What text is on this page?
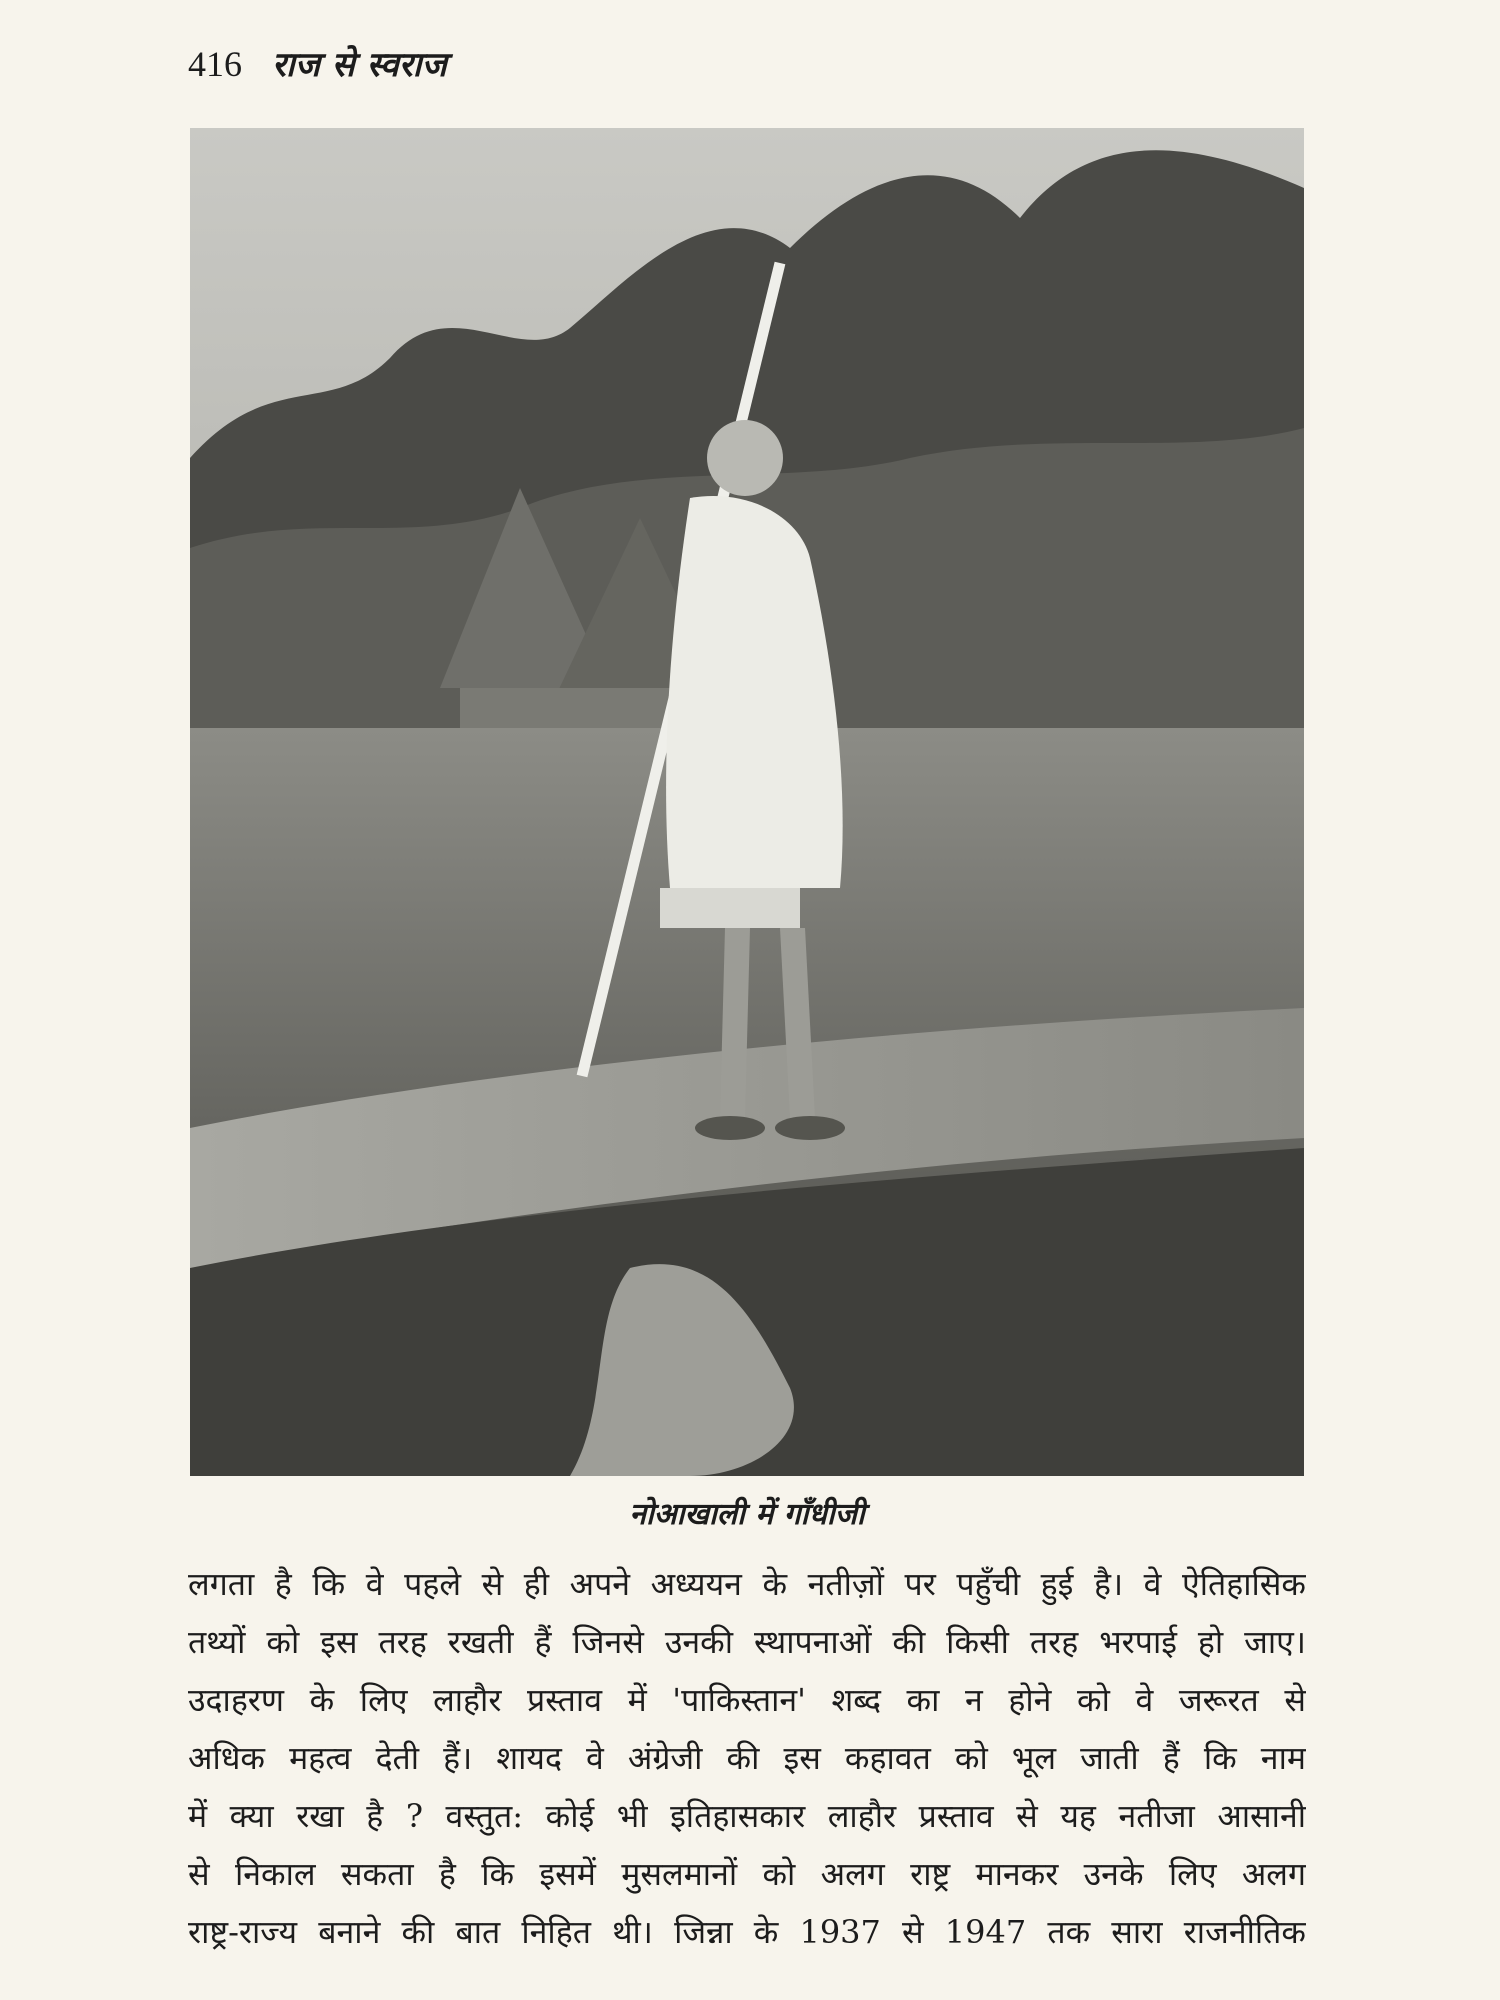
416 राज से स्वराज
नोआखाली में गाँधीजी
लगता है कि वे पहले से ही अपने अध्ययन के नतीज़ों पर पहुँची हुई है। वे ऐतिहासिक
तथ्यों को इस तरह रखती हैं जिनसे उनकी स्थापनाओं की किसी तरह भरपाई हो जाए।
उदाहरण के लिए लाहौर प्रस्ताव में 'पाकिस्तान' शब्द का न होने को वे जरूरत से
अधिक महत्व देती हैं। शायद वे अंग्रेजी की इस कहावत को भूल जाती हैं कि नाम
में क्या रखा है ? वस्तुत: कोई भी इतिहासकार लाहौर प्रस्ताव से यह नतीजा आसानी
से निकाल सकता है कि इसमें मुसलमानों को अलग राष्ट्र मानकर उनके लिए अलग
राष्ट्र-राज्य बनाने की बात निहित थी। जिन्ना के 1937 से 1947 तक सारा राजनीतिक
